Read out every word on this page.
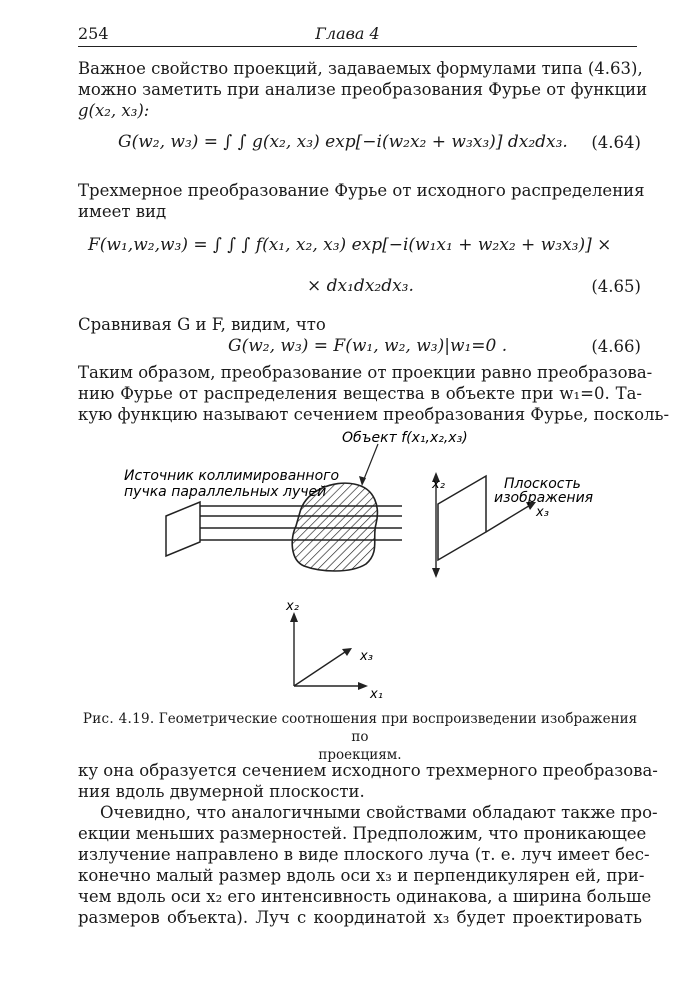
254	Глава 4
Важное свойство проекций, задаваемых формулами типа (4.63),
можно заметить при анализе преобразования Фурье от функции
g(x₂, x₃):
G(w₂, w₃) = ∫ ∫ g(x₂, x₃) exp[−i(w₂x₂ + w₃x₃)] dx₂dx₃. (4.64)
Трехмерное преобразование Фурье от исходного распределения
имеет вид
F(w₁,w₂,w₃) = ∫ ∫ ∫ f(x₁, x₂, x₃) exp[−i(w₁x₁ + w₂x₂ + w₃x₃)] ×
× dx₁dx₂dx₃.	(4.65)
Сравнивая G и F, видим, что
G(w₂, w₃) = F(w₁, w₂, w₃)|w₁=0 .	(4.66)
Таким образом, преобразование от проекции равно преобразова-
нию Фурье от распределения вещества в объекте при w₁=0. Та-
кую функцию называют сечением преобразования Фурье, посколь-
Объект f(x₁,x₂,x₃)
Источник коллимированного
пучка параллельных лучей	x₂
x₃
Плоскость
изображения
x₂
x₃
x₁
Рис. 4.19. Геометрические соотношения при воспроизведении изображения по
проекциям.
ку она образуется сечением исходного трехмерного преобразова-
ния вдоль двумерной плоскости.
Очевидно, что аналогичными свойствами обладают также про-
екции меньших размерностей. Предположим, что проникающее
излучение направлено в виде плоского луча (т. е. луч имеет бес-
конечно малый размер вдоль оси x₃ и перпендикулярен ей, при-
чем вдоль оси x₂ его интенсивность одинакова, а ширина больше
размеров объекта). Луч с координатой x₃ будет проектировать
